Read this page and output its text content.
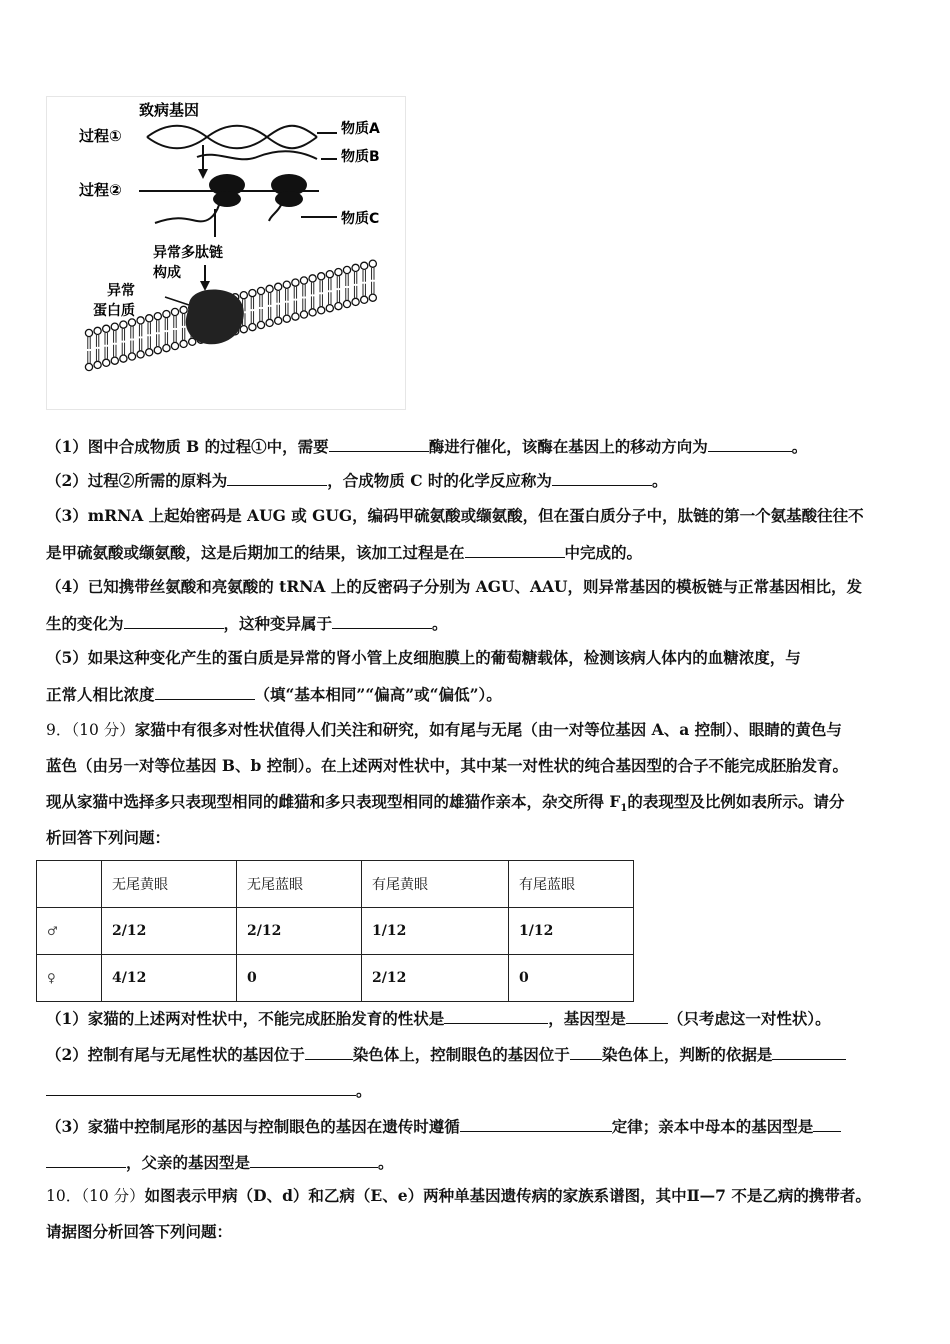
致病基因
过程①
过程②
物质A
物质B
物质C
异常多肽链
构成
异常
蛋白质
（1）图中合成物质 B 的过程①中，需要	酶进行催化，该酶在基因上的移动方向为	。
（2）过程②所需的原料为	，合成物质 C 时的化学反应称为	。
（3）mRNA 上起始密码是 AUG 或 GUG，编码甲硫氨酸或缬氨酸，但在蛋白质分子中，肽链的第一个氨基酸往往不
是甲硫氨酸或缬氨酸，这是后期加工的结果，该加工过程是在	中完成的。
（4）已知携带丝氨酸和亮氨酸的 tRNA 上的反密码子分别为 AGU、AAU，则异常基因的模板链与正常基因相比，发
生的变化为	，这种变异属于	。
（5）如果这种变化产生的蛋白质是异常的肾小管上皮细胞膜上的葡萄糖载体，检测该病人体内的血糖浓度，与
正常人相比浓度	（填“基本相同”“偏高”或“偏低”）。
9．（10 分）家猫中有很多对性状值得人们关注和研究，如有尾与无尾（由一对等位基因 A、a 控制）、眼睛的黄色与
蓝色（由另一对等位基因 B、b 控制）。在上述两对性状中，其中某一对性状的纯合基因型的合子不能完成胚胎发育。
现从家猫中选择多只表现型相同的雌猫和多只表现型相同的雄猫作亲本，杂交所得 $F_1$的表现型及比例如表所示。请分
析回答下列问题：
	无尾黄眼	无尾蓝眼	有尾黄眼	有尾蓝眼
♂	2/12	2/12	1/12	1/12
♀	4/12	0	2/12	0
（1）家猫的上述两对性状中，不能完成胚胎发育的性状是	，基因型是	（只考虑这一对性状）。
（2）控制有尾与无尾性状的基因位于	染色体上，控制眼色的基因位于 染色体上，判断的依据是
。
（3）家猫中控制尾形的基因与控制眼色的基因在遗传时遵循	定律；亲本中母本的基因型是
，父亲的基因型是	。
10．（10 分）如图表示甲病（D、d）和乙病（E、e）两种单基因遗传病的家族系谱图，其中Ⅱ—7 不是乙病的携带者。
请据图分析回答下列问题：
